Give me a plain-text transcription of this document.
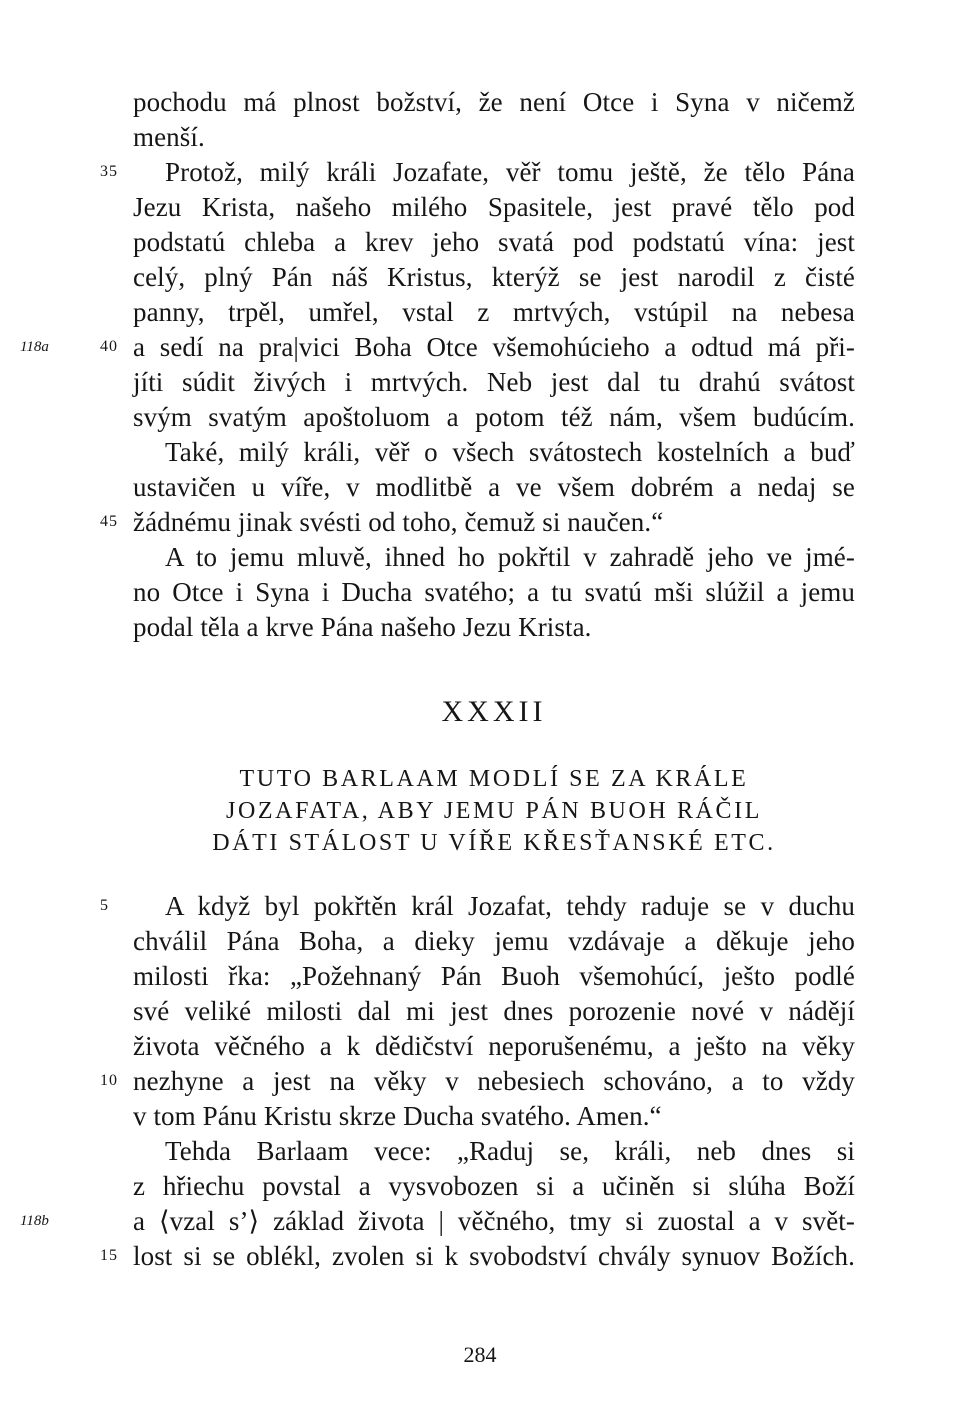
pochodu má plnost božství, že není Otce i Syna v ničemž
menší.
Protož, milý králi Jozafate, věř tomu ještě, že tělo Pána
Jezu Krista, našeho milého Spasitele, jest pravé tělo pod
podstatú chleba a krev jeho svatá pod podstatú vína: jest
celý, plný Pán náš Kristus, kterýž se jest narodil z čisté
panny, trpěl, umřel, vstal z mrtvých, vstúpil na nebesa
a sedí na pra|vici Boha Otce všemohúcieho a odtud má při-
jíti súdit živých i mrtvých. Neb jest dal tu drahú svátost
svým svatým apoštoluom a potom též nám, všem budúcím.
Také, milý králi, věř o všech svátostech kostelních a buď
ustavičen u víře, v modlitbě a ve všem dobrém a nedaj se
žádnému jinak svésti od toho, čemuž si naučen.“
A to jemu mluvě, ihned ho pokřtil v zahradě jeho ve jmé-
no Otce i Syna i Ducha svatého; a tu svatú mši slúžil a jemu
podal těla a krve Pána našeho Jezu Krista.
35
40
45
118a
XXXII
TUTO BARLAAM MODLÍ SE ZA KRÁLE
JOZAFATA, ABY JEMU PÁN BUOH RÁČIL
DÁTI STÁLOST U VÍŘE KŘESŤANSKÉ ETC.
A když byl pokřtěn král Jozafat, tehdy raduje se v duchu
chválil Pána Boha, a dieky jemu vzdávaje a děkuje jeho
milosti řka: „Požehnaný Pán Buoh všemohúcí, ješto podlé
své veliké milosti dal mi jest dnes porozenie nové v nádějí
života věčného a k dědičství neporušenému, a ješto na věky
nezhyne a jest na věky v nebesiech schováno, a to vždy
v tom Pánu Kristu skrze Ducha svatého. Amen.“
Tehda Barlaam vece: „Raduj se, králi, neb dnes si
z hřiechu povstal a vysvobozen si a učiněn si slúha Boží
a ⟨vzal s’⟩ základ života | věčného, tmy si zuostal a v svět-
lost si se oblékl, zvolen si k svobodství chvály synuov Božích.
5
10
15
118b
284
